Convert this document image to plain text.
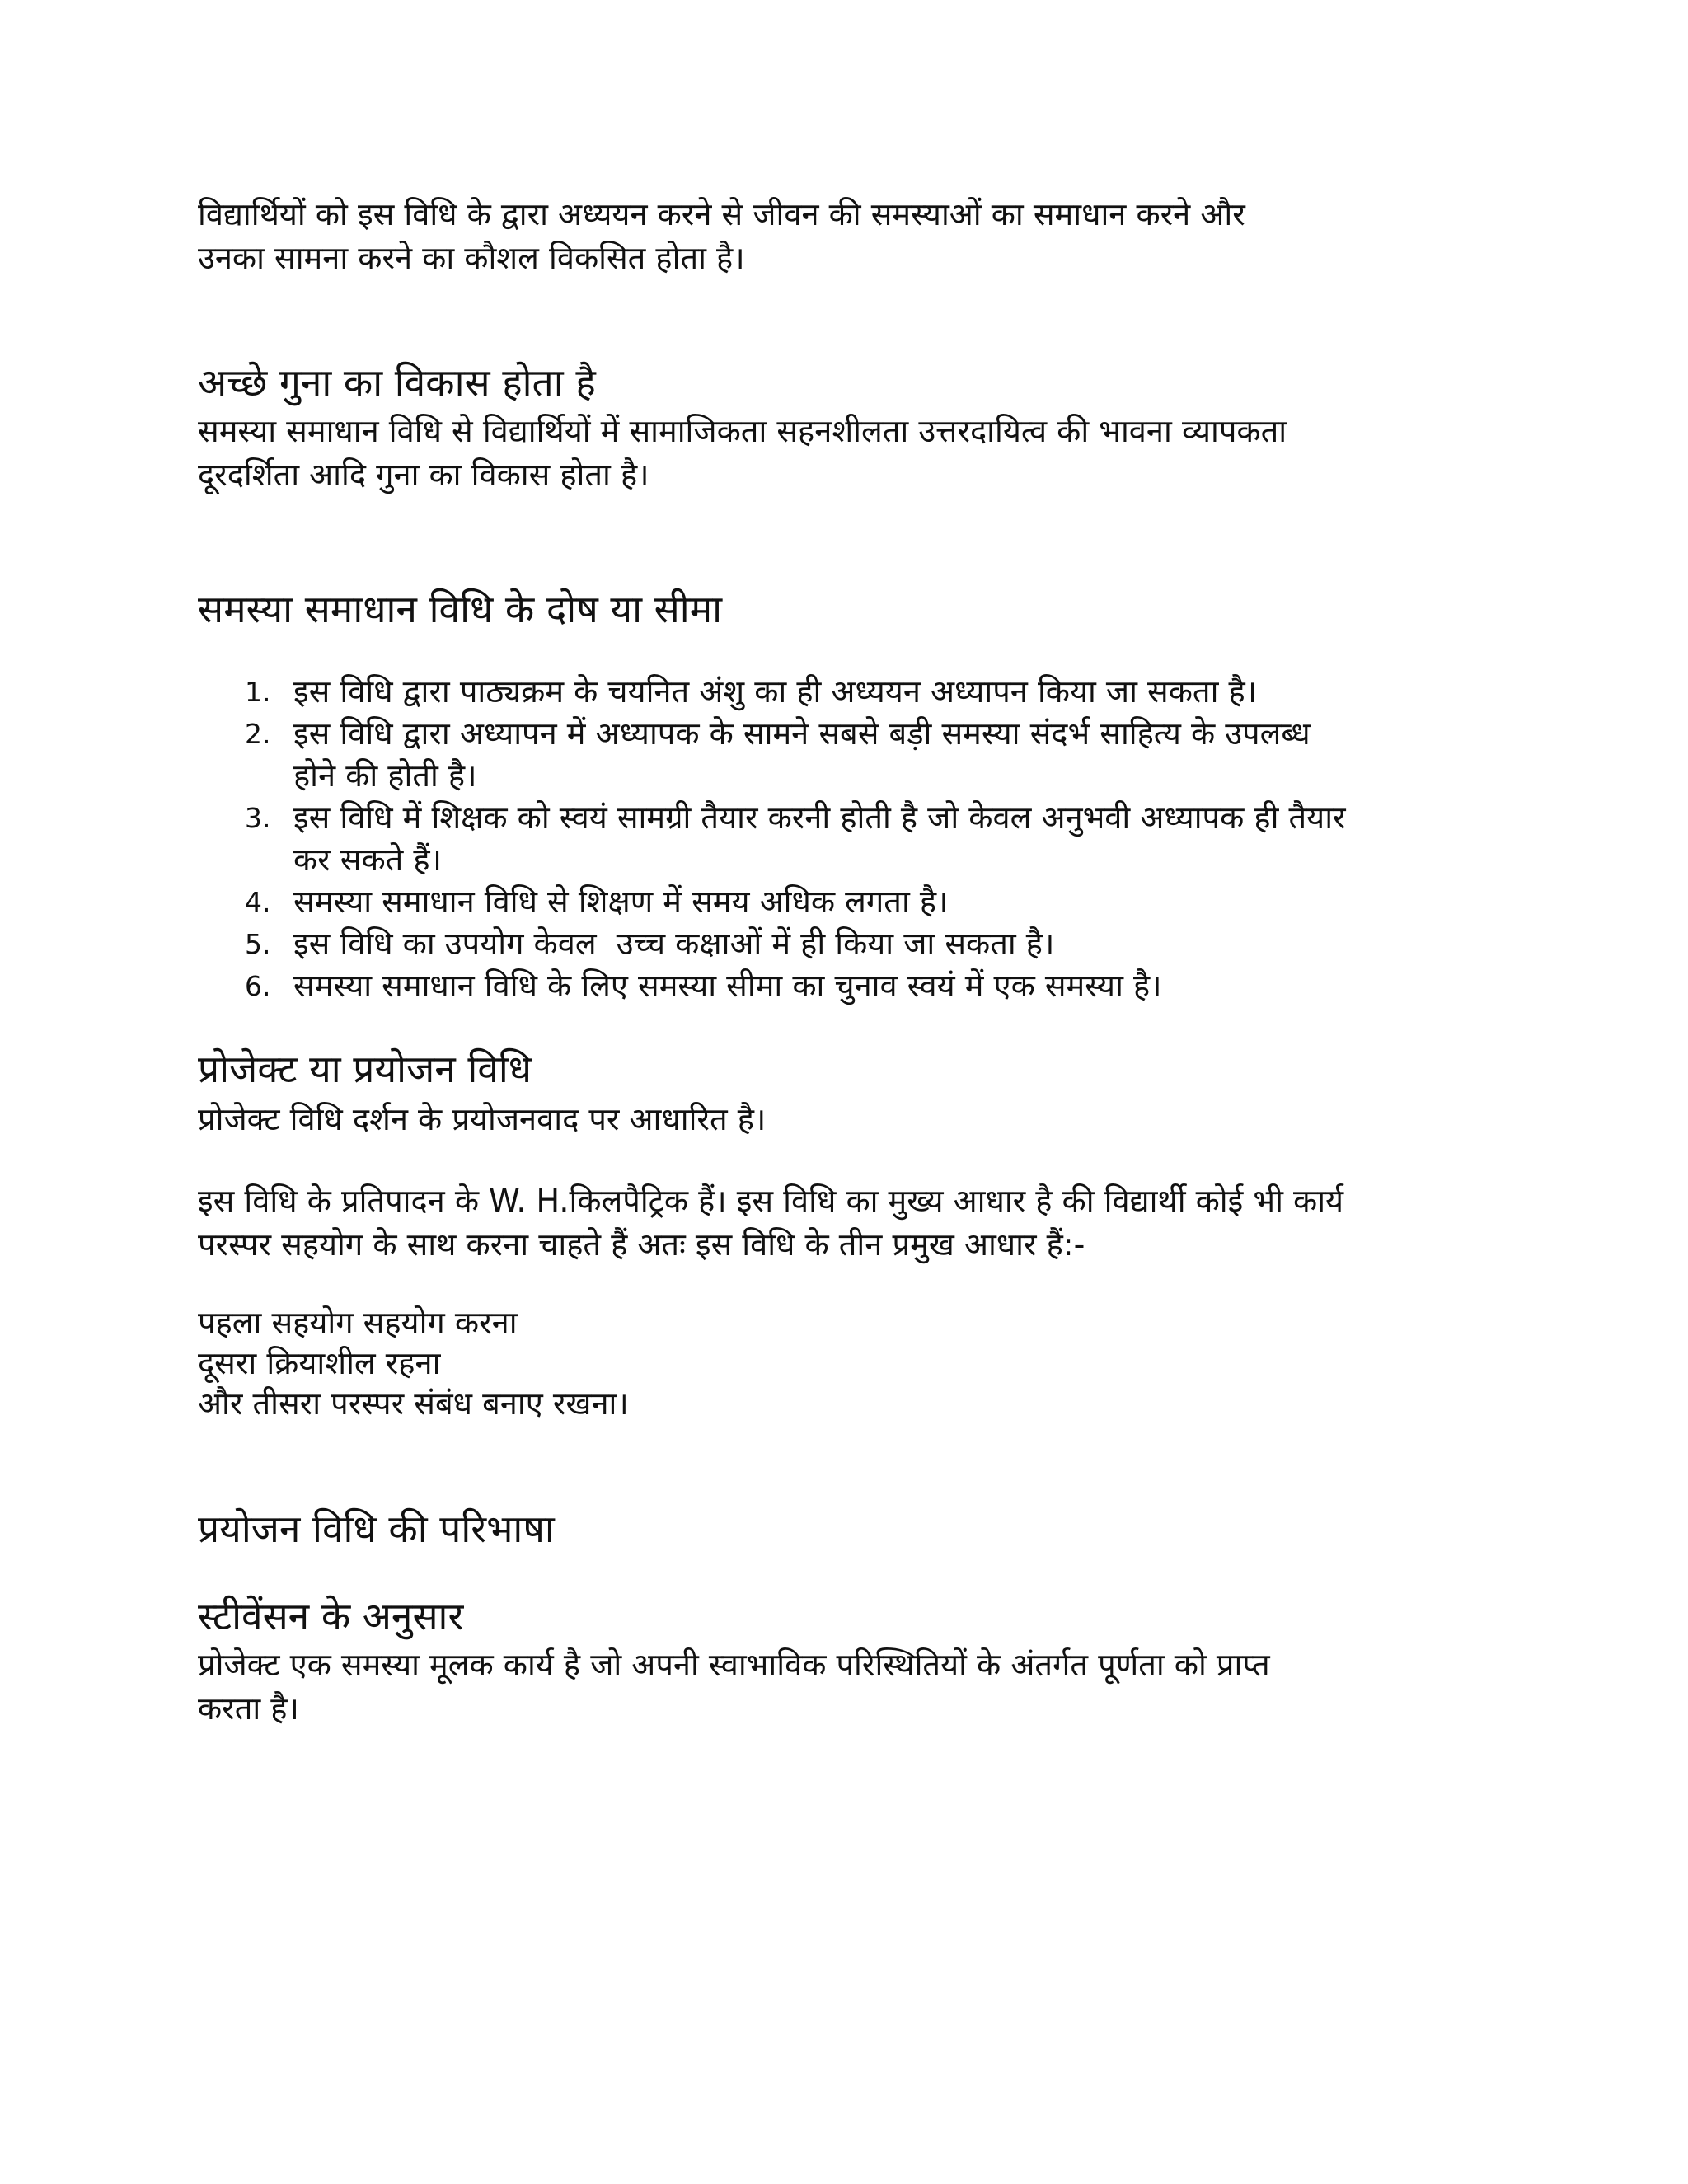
विद्यार्थियों को इस विधि के द्वारा अध्ययन करने से जीवन की समस्याओं का समाधान करने और
उनका सामना करने का कौशल विकसित होता है।

अच्छे गुना का विकास होता है

समस्या समाधान विधि से विद्यार्थियों में सामाजिकता सहनशीलता उत्तरदायित्व की भावना व्यापकता
दूरदर्शिता आदि गुना का विकास होता है।

समस्या समाधान विधि के दोष या सीमा
1. इस विधि द्वारा पाठ्यक्रम के चयनित अंशु का ही अध्ययन अध्यापन किया जा सकता है।
2. इस विधि द्वारा अध्यापन में अध्यापक के सामने सबसे बड़ी समस्या संदर्भ साहित्य के उपलब्ध
होने की होती है।
3. इस विधि में शिक्षक को स्वयं सामग्री तैयार करनी होती है जो केवल अनुभवी अध्यापक ही तैयार
कर सकते हैं।
4. समस्या समाधान विधि से शिक्षण में समय अधिक लगता है।
5. इस विधि का उपयोग केवल  उच्च कक्षाओं में ही किया जा सकता है।
6. समस्या समाधान विधि के लिए समस्या सीमा का चुनाव स्वयं में एक समस्या है।
प्रोजेक्ट या प्रयोजन विधि

प्रोजेक्ट विधि दर्शन के प्रयोजनवाद पर आधारित है।

इस विधि के प्रतिपादन के W. H.किलपैट्रिक हैं। इस विधि का मुख्य आधार है की विद्यार्थी कोई भी कार्य
परस्पर सहयोग के साथ करना चाहते हैं अतः इस विधि के तीन प्रमुख आधार हैं:-

पहला सहयोग सहयोग करना
दूसरा क्रियाशील रहना
और तीसरा परस्पर संबंध बनाए रखना।
प्रयोजन विधि की परिभाषा
स्टीवेंसन के अनुसार

प्रोजेक्ट एक समस्या मूलक कार्य है जो अपनी स्वाभाविक परिस्थितियों के अंतर्गत पूर्णता को प्राप्त
करता है।
